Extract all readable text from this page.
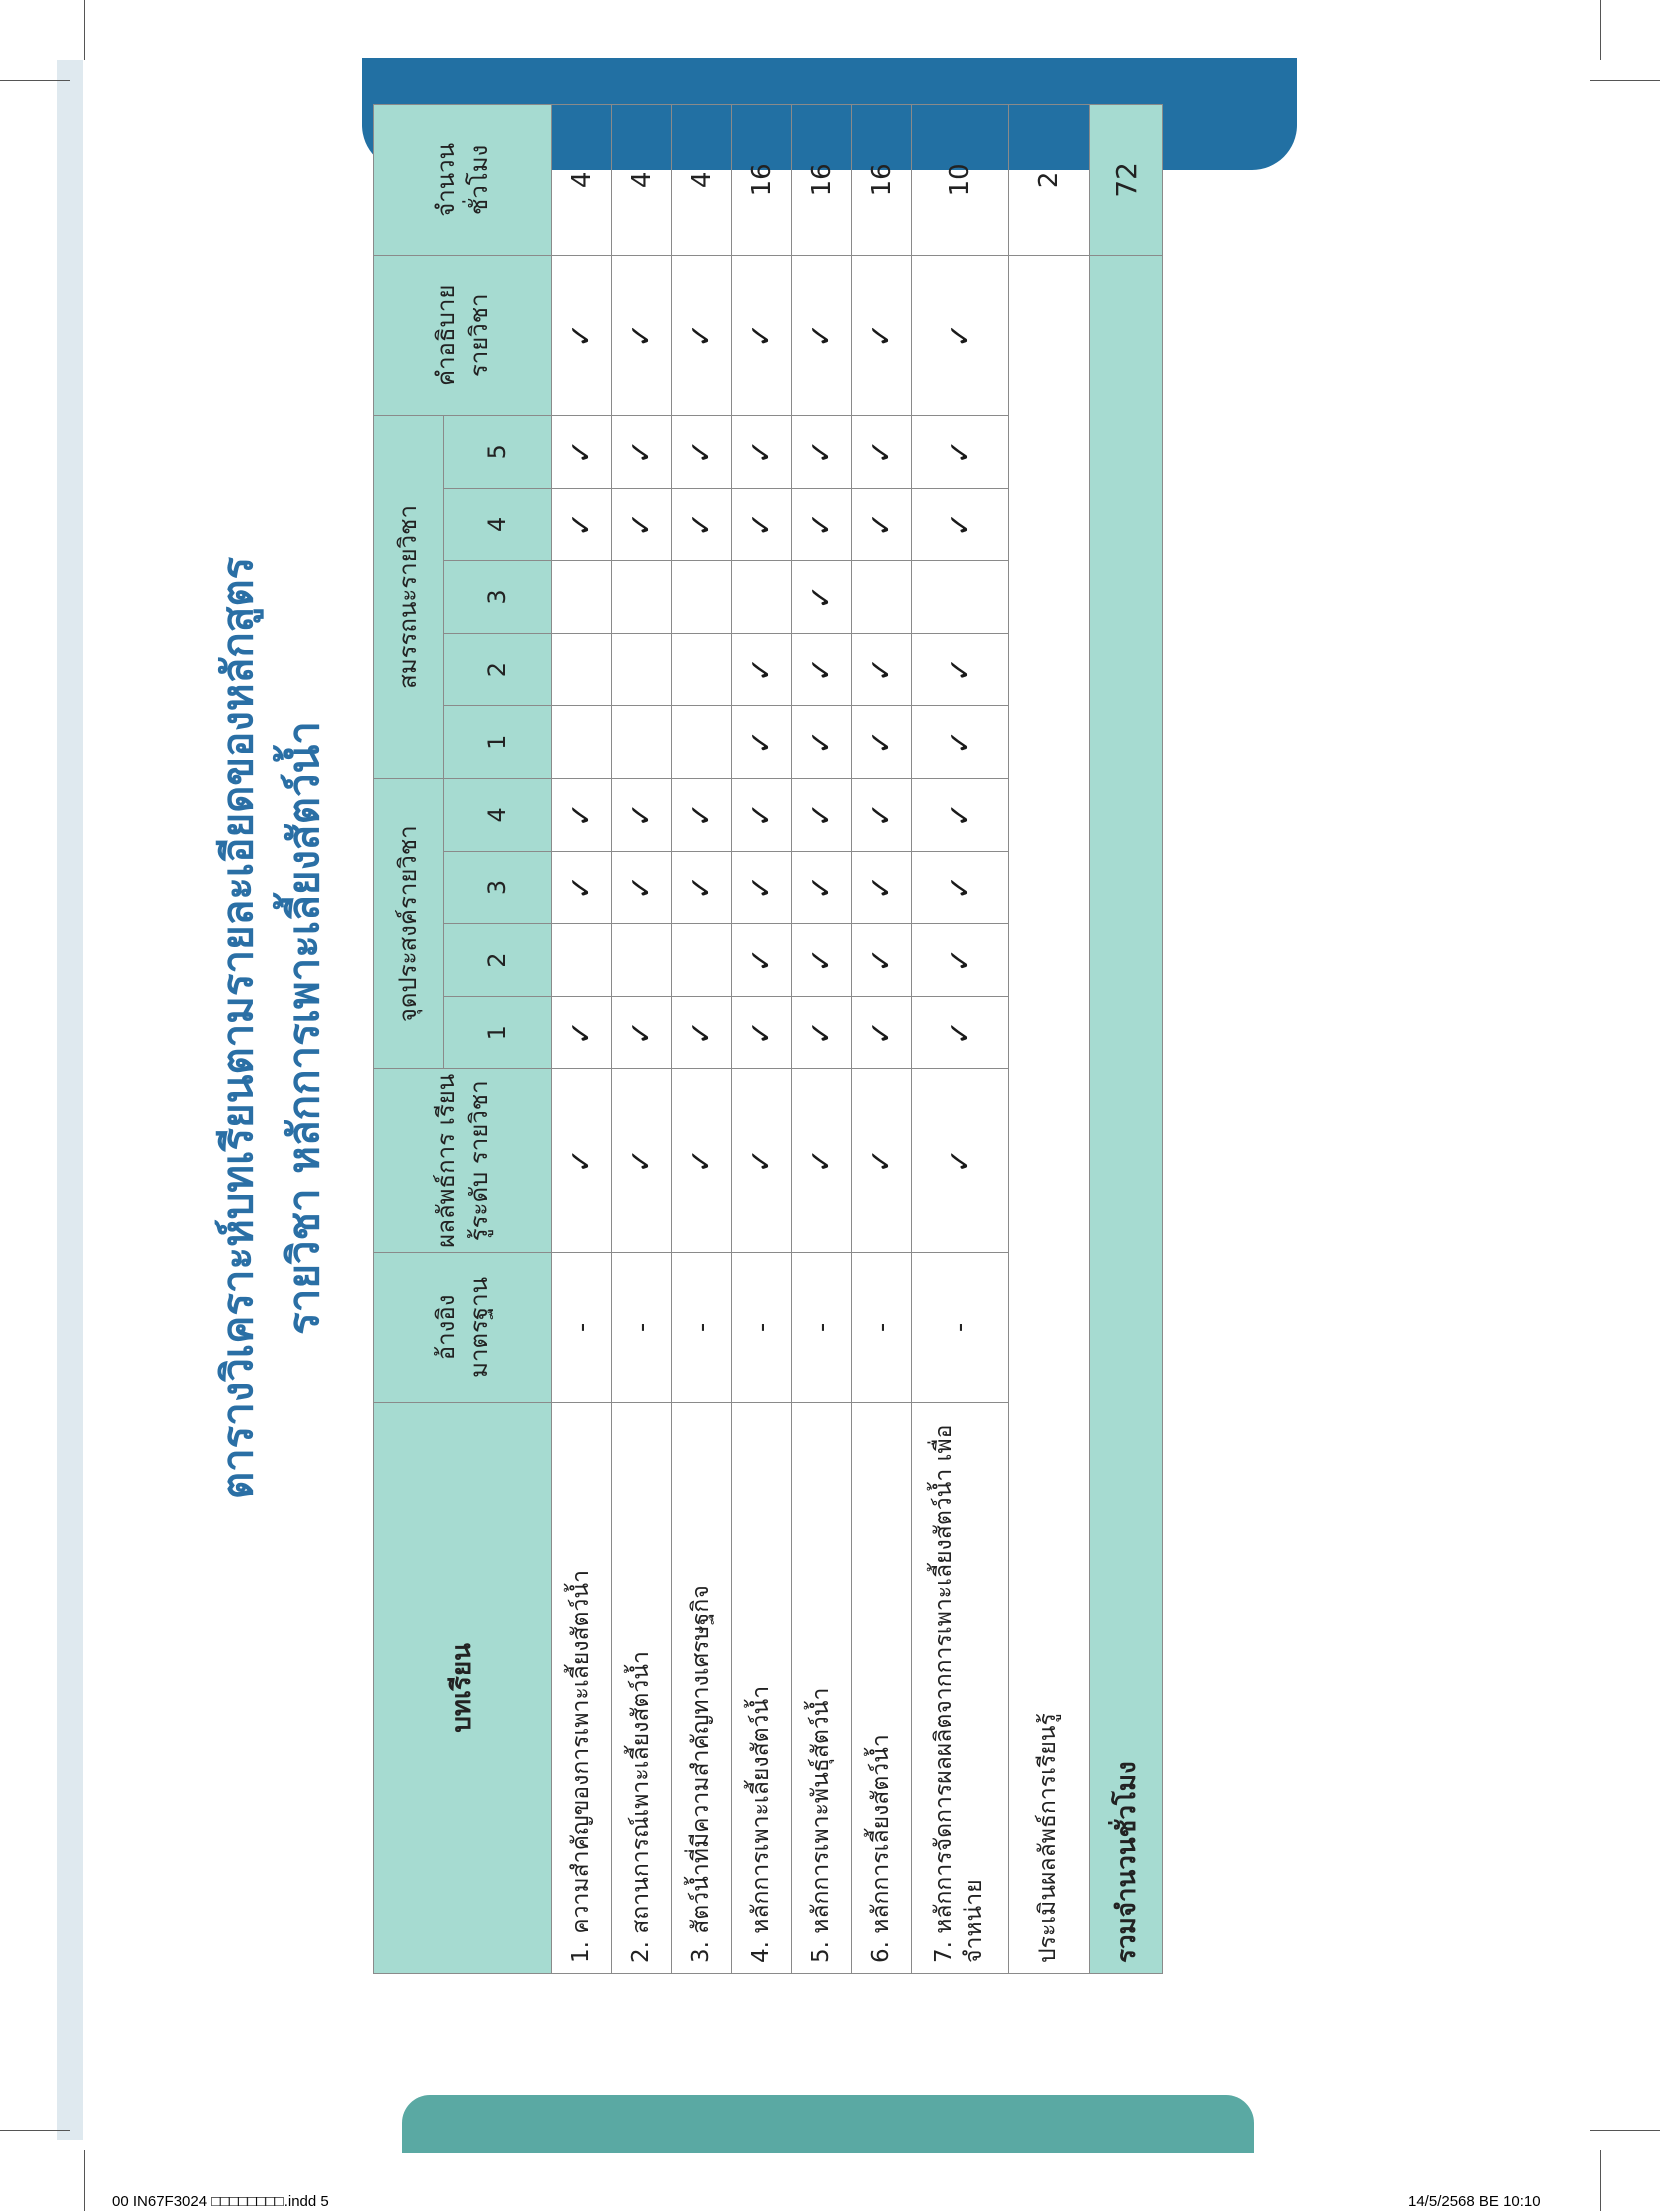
ตารางวิเคราะห์บทเรียนตามรายละเอียดของหลักสูตร รายวิชา หลักการเพาะเลี้ยงสัตว์น้ำ
บทเรียน	อ้างอิง มาตรฐาน	ผลลัพธ์การ เรียนรู้ระดับ รายวิชา	จุดประสงค์รายวิชา				สมรรถนะรายวิชา					คำอธิบาย รายวิชา	จำนวน ชั่วโมง
			1	2	3	4	1	2	3	4	5		
1. ความสำคัญของการเพาะเลี้ยงสัตว์น้ำ	-	✓	✓		✓	✓				✓	✓	✓	4
2. สถานการณ์เพาะเลี้ยงสัตว์น้ำ	-	✓	✓		✓	✓				✓	✓	✓	4
3. สัตว์น้ำที่มีความสำคัญทางเศรษฐกิจ	-	✓	✓		✓	✓				✓	✓	✓	4
4. หลักการเพาะเลี้ยงสัตว์น้ำ	-	✓	✓	✓	✓	✓	✓	✓		✓	✓	✓	16
5. หลักการเพาะพันธุ์สัตว์น้ำ	-	✓	✓	✓	✓	✓	✓	✓	✓	✓	✓	✓	16
6. หลักการเลี้ยงสัตว์น้ำ	-	✓	✓	✓	✓	✓	✓	✓		✓	✓	✓	16
7. หลักการจัดการผลผลิตจากการเพาะเลี้ยงสัตว์น้ำ เพื่อจำหน่าย	-	✓	✓	✓	✓	✓	✓	✓		✓	✓	✓	10
ประเมินผลลัพธ์การเรียนรู้													2
รวมจำนวนชั่วโมง													72
00 IN67F3024 □□□□□□□□.indd 5	14/5/2568 BE 10:10
